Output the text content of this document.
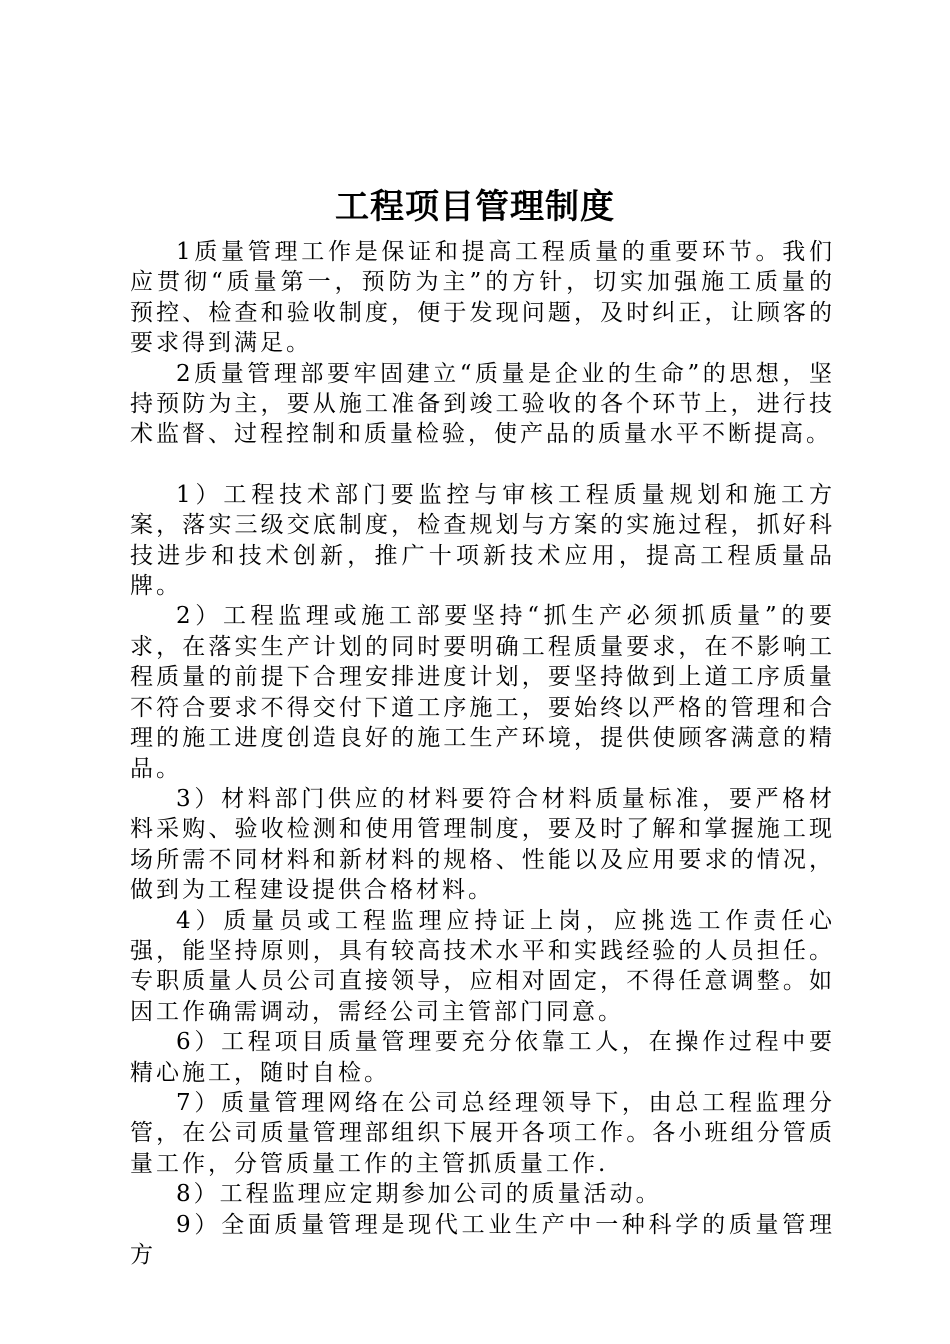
工程项目管理制度

1质量管理工作是保证和提高工程质量的重要环节。我们应贯彻“质量第一，预防为主”的方针，切实加强施工质量的预控、检查和验收制度，便于发现问题，及时纠正，让顾客的要求得到满足。

2质量管理部要牢固建立“质量是企业的生命”的思想，坚持预防为主，要从施工准备到竣工验收的各个环节上，进行技术监督、过程控制和质量检验，使产品的质量水平不断提高。

1）工程技术部门要监控与审核工程质量规划和施工方案，落实三级交底制度，检查规划与方案的实施过程，抓好科技进步和技术创新，推广十项新技术应用，提高工程质量品牌。

2）工程监理或施工部要坚持“抓生产必须抓质量”的要求，在落实生产计划的同时要明确工程质量要求，在不影响工程质量的前提下合理安排进度计划，要坚持做到上道工序质量不符合要求不得交付下道工序施工，要始终以严格的管理和合理的施工进度创造良好的施工生产环境，提供使顾客满意的精品。

3）材料部门供应的材料要符合材料质量标准，要严格材料采购、验收检测和使用管理制度，要及时了解和掌握施工现场所需不同材料和新材料的规格、性能以及应用要求的情况，做到为工程建设提供合格材料。

4）质量员或工程监理应持证上岗，应挑选工作责任心强，能坚持原则，具有较高技术水平和实践经验的人员担任。专职质量人员公司直接领导，应相对固定，不得任意调整。如因工作确需调动，需经公司主管部门同意。

6）工程项目质量管理要充分依靠工人，在操作过程中要精心施工，随时自检。

7）质量管理网络在公司总经理领导下，由总工程监理分管，在公司质量管理部组织下展开各项工作。各小班组分管质量工作，分管质量工作的主管抓质量工作.

8）工程监理应定期参加公司的质量活动。

9）全面质量管理是现代工业生产中一种科学的质量管理方
